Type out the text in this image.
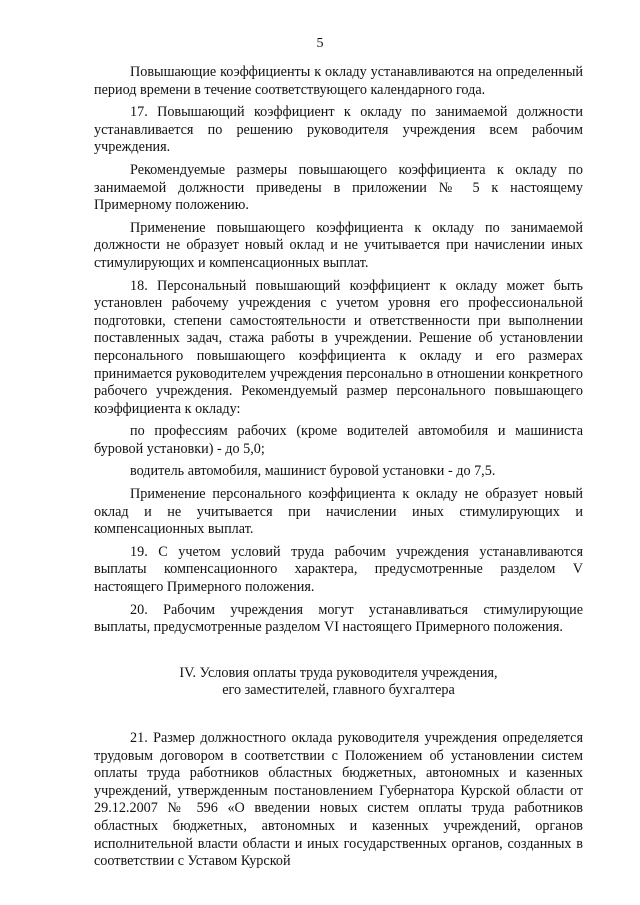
5

Повышающие коэффициенты к окладу устанавливаются на определенный период времени в течение соответствующего календарного года.

17. Повышающий коэффициент к окладу по занимаемой должности устанавливается по решению руководителя учреждения всем рабочим учреждения.

Рекомендуемые размеры повышающего коэффициента к окладу по занимаемой должности приведены в приложении № 5 к настоящему Примерному положению.

Применение повышающего коэффициента к окладу по занимаемой должности не образует новый оклад и не учитывается при начислении иных стимулирующих и компенсационных выплат.

18. Персональный повышающий коэффициент к окладу может быть установлен рабочему учреждения с учетом уровня его профессиональной подготовки, степени самостоятельности и ответственности при выполнении поставленных задач, стажа работы в учреждении. Решение об установлении персонального повышающего коэффициента к окладу и его размерах принимается руководителем учреждения персонально в отношении конкретного рабочего учреждения. Рекомендуемый размер персонального повышающего коэффициента к окладу:

по профессиям рабочих (кроме водителей автомобиля и машиниста буровой установки) - до 5,0;

водитель автомобиля, машинист буровой установки - до 7,5.

Применение персонального коэффициента к окладу не образует новый оклад и не учитывается при начислении иных стимулирующих и компенсационных выплат.

19. С учетом условий труда рабочим учреждения устанавливаются выплаты компенсационного характера, предусмотренные разделом V настоящего Примерного положения.

20. Рабочим учреждения могут устанавливаться стимулирующие выплаты, предусмотренные разделом VI настоящего Примерного положения.

IV. Условия оплаты труда руководителя учреждения,
его заместителей, главного бухгалтера

21. Размер должностного оклада руководителя учреждения определяется трудовым договором в соответствии с Положением об установлении систем оплаты труда работников областных бюджетных, автономных и казенных учреждений, утвержденным постановлением Губернатора Курской области от 29.12.2007 № 596 «О введении новых систем оплаты труда работников областных бюджетных, автономных и казенных учреждений, органов исполнительной власти области и иных государственных органов, созданных в соответствии с Уставом Курской
